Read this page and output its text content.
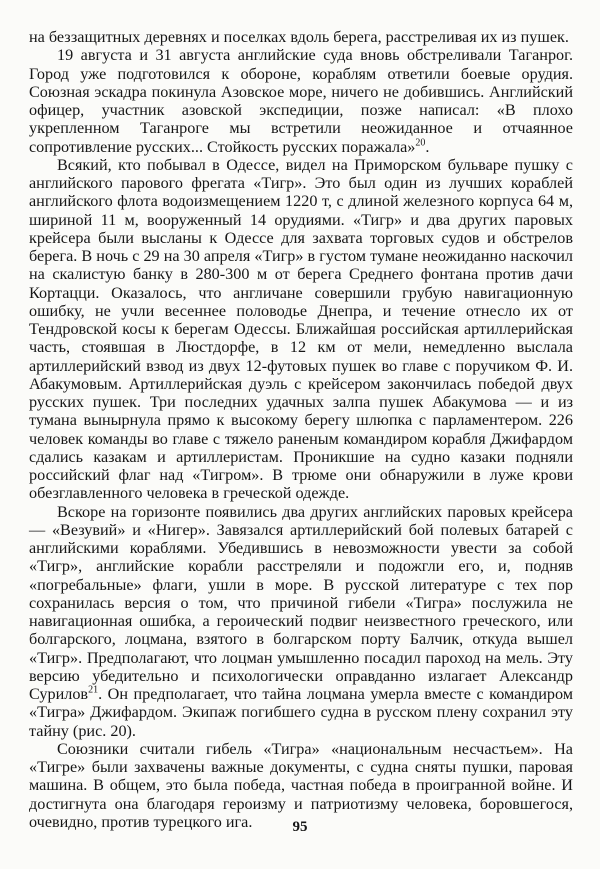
на беззащитных деревнях и поселках вдоль берега, расстреливая их из пушек.

19 августа и 31 августа английские суда вновь обстреливали Таганрог. Город уже подготовился к обороне, кораблям ответили боевые орудия. Союзная эскадра покинула Азовское море, ничего не добившись. Английский офицер, участник азовской экспедиции, позже написал: «В плохо укрепленном Таганроге мы встретили неожиданное и отчаянное сопротивление русских... Стойкость русских поражала»$^{20}$.

Всякий, кто побывал в Одессе, видел на Приморском бульваре пушку с английского парового фрегата «Тигр». Это был один из лучших кораблей английского флота водоизмещением 1220 т, с длиной железного корпуса 64 м, шириной 11 м, вооруженный 14 орудиями. «Тигр» и два других паровых крейсера были высланы к Одессе для захвата торговых судов и обстрелов берега. В ночь с 29 на 30 апреля «Тигр» в густом тумане неожиданно наскочил на скалистую банку в 280-300 м от берега Среднего фонтана против дачи Кортацци. Оказалось, что англичане совершили грубую навигационную ошибку, не учли весеннее половодье Днепра, и течение отнесло их от Тендровской косы к берегам Одессы. Ближайшая российская артиллерийская часть, стоявшая в Люстдорфе, в 12 км от мели, немедленно выслала артиллерийский взвод из двух 12-футовых пушек во главе с поручиком Ф. И. Абакумовым. Артиллерийская дуэль с крейсером закончилась победой двух русских пушек. Три последних удачных залпа пушек Абакумова — и из тумана вынырнула прямо к высокому берегу шлюпка с парламентером. 226 человек команды во главе с тяжело раненым командиром корабля Джифардом сдались казакам и артиллеристам. Проникшие на судно казаки подняли российский флаг над «Тигром». В трюме они обнаружили в луже крови обезглавленного человека в греческой одежде.

Вскоре на горизонте появились два других английских паровых крейсера — «Везувий» и «Нигер». Завязался артиллерийский бой полевых батарей с английскими кораблями. Убедившись в невозможности увести за собой «Тигр», английские корабли расстреляли и подожгли его, и, подняв «погребальные» флаги, ушли в море. В русской литературе с тех пор сохранилась версия о том, что причиной гибели «Тигра» послужила не навигационная ошибка, а героический подвиг неизвестного греческого, или болгарского, лоцмана, взятого в болгарском порту Балчик, откуда вышел «Тигр». Предполагают, что лоцман умышленно посадил пароход на мель. Эту версию убедительно и психологически оправданно излагает Александр Сурилов$^{21}$. Он предполагает, что тайна лоцмана умерла вместе с командиром «Тигра» Джифардом. Экипаж погибшего судна в русском плену сохранил эту тайну (рис. 20).

Союзники считали гибель «Тигра» «национальным несчастьем». На «Тигре» были захвачены важные документы, с судна сняты пушки, паровая машина. В общем, это была победа, частная победа в проигранной войне. И достигнута она благодаря героизму и патриотизму человека, боровшегося, очевидно, против турецкого ига.	95
